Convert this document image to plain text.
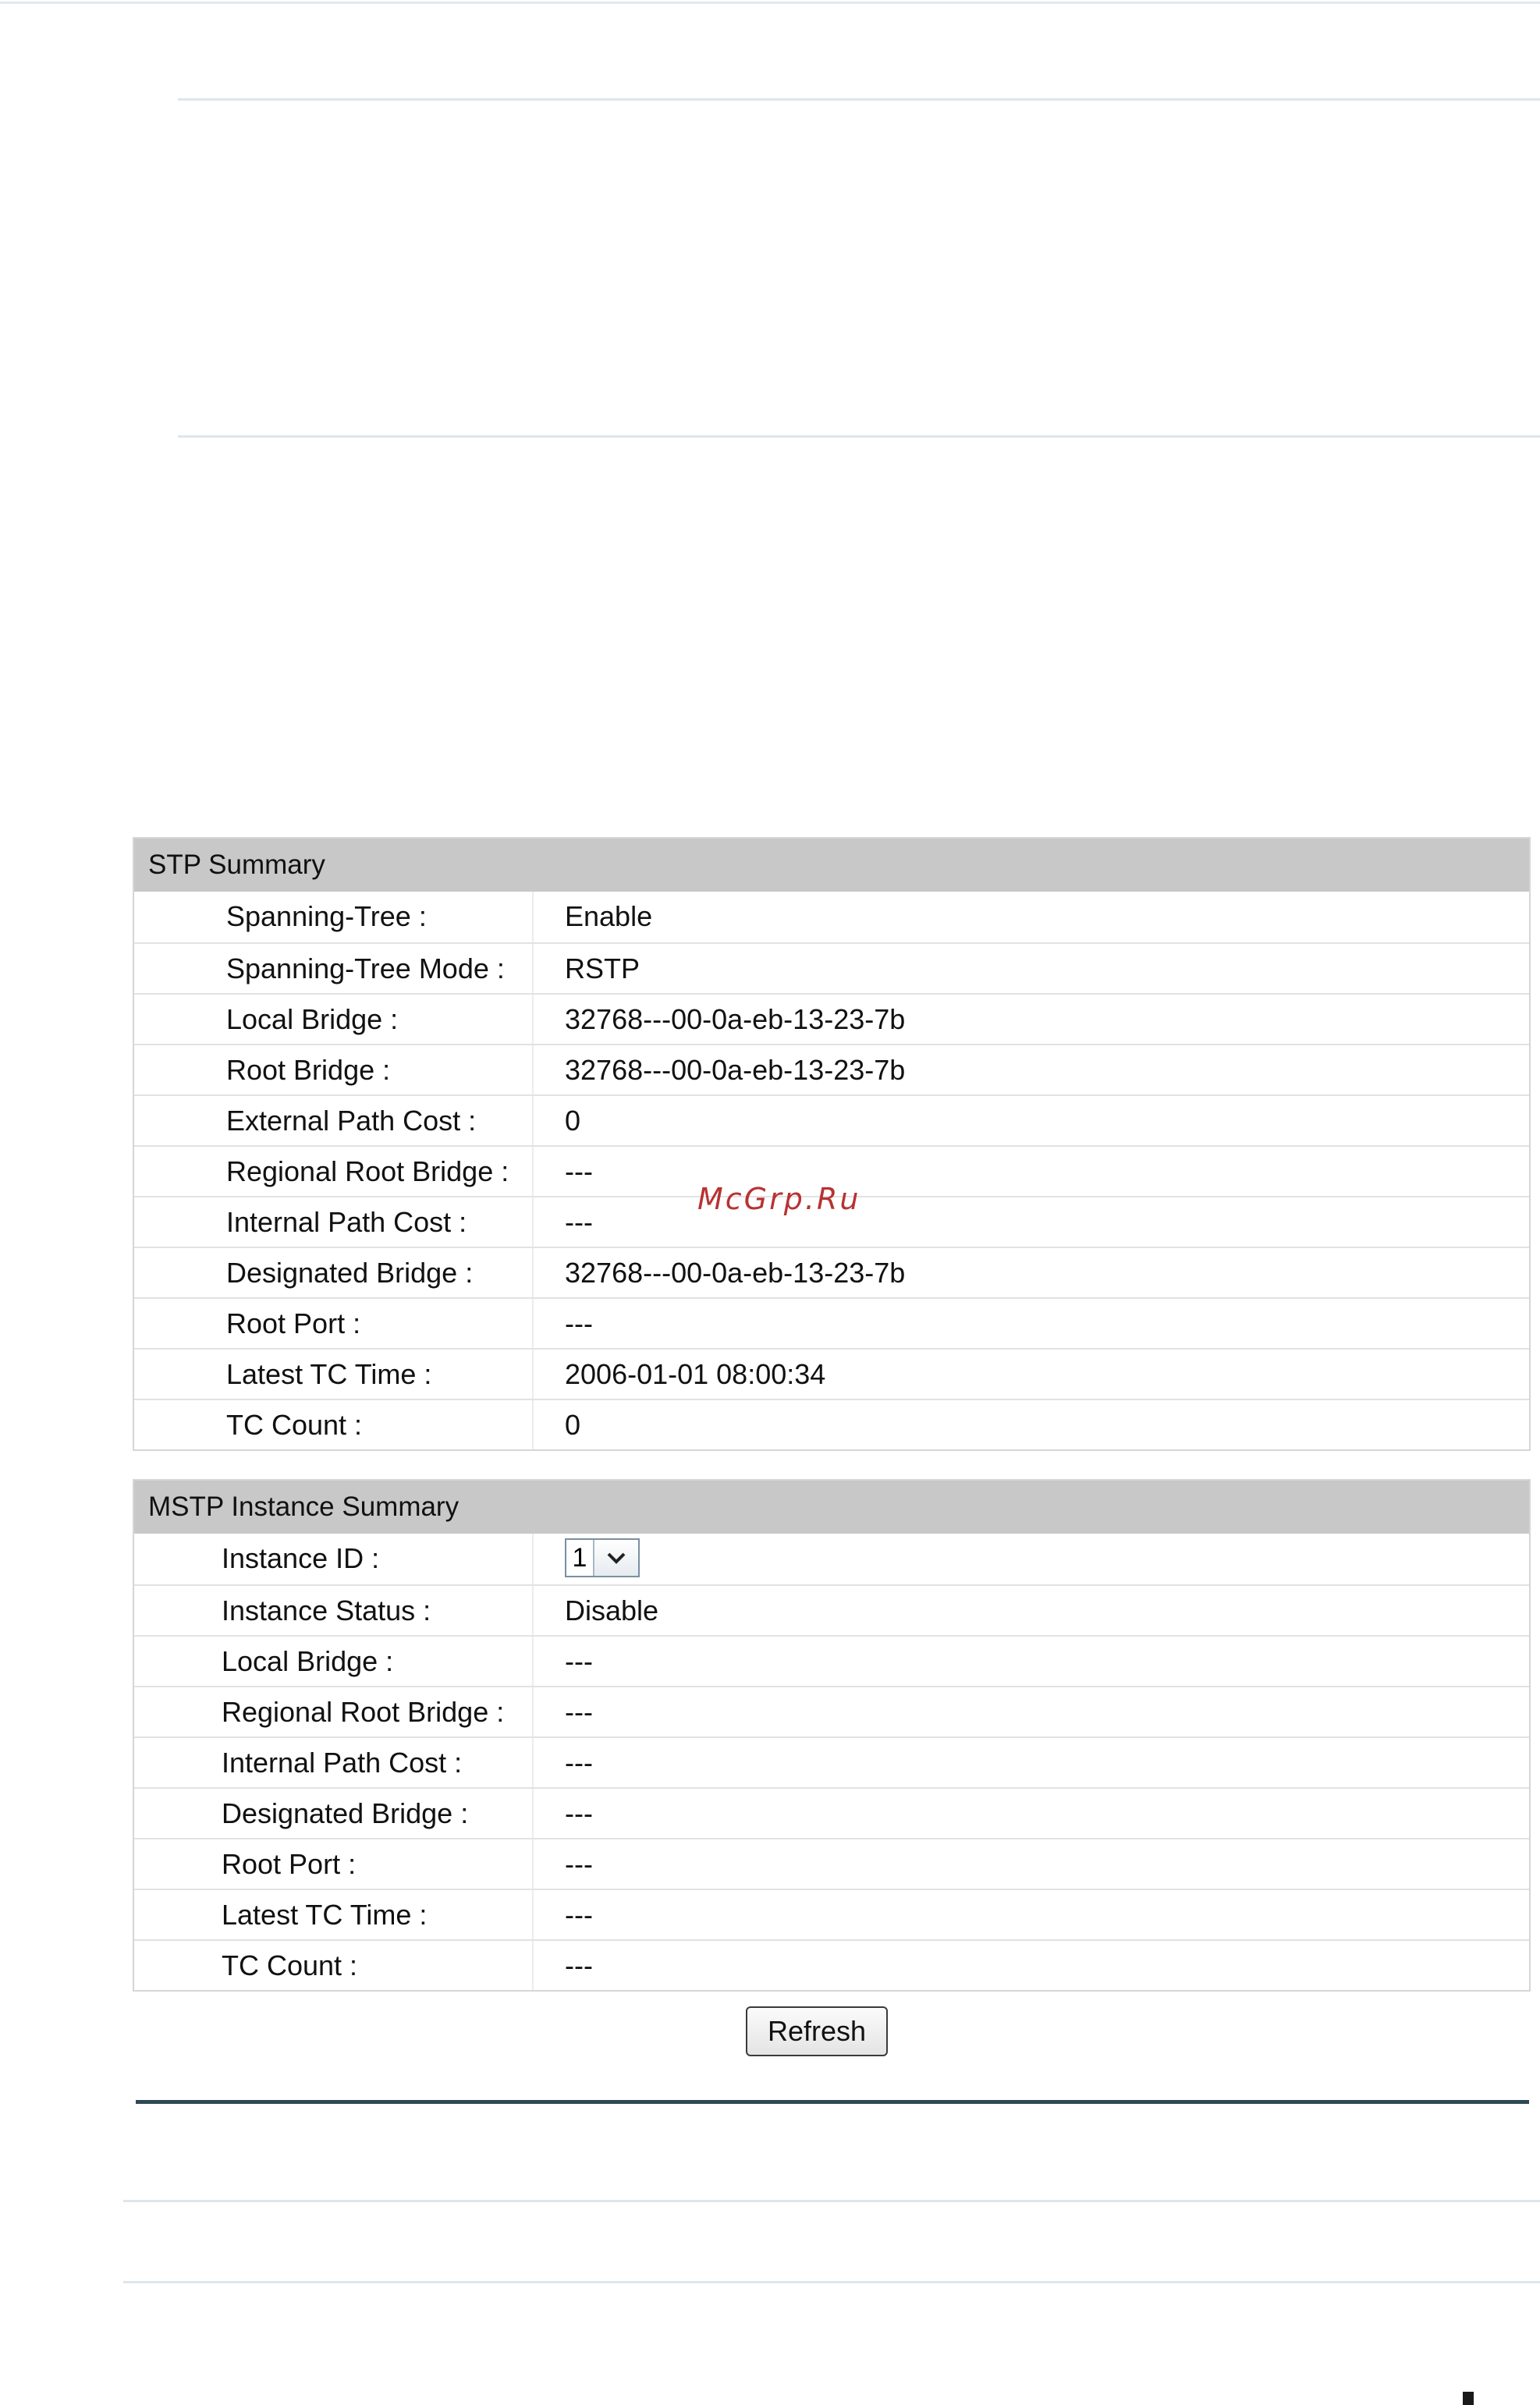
STP Summary
Spanning-Tree :	Enable
Spanning-Tree Mode : RSTP
Local Bridge :	32768---00-0a-eb-13-23-7b
Root Bridge :	32768---00-0a-eb-13-23-7b
External Path Cost :	0
Regional Root Bridge : ---
Internal Path Cost :	---
Designated Bridge :	32768---00-0a-eb-13-23-7b
Root Port :	---
Latest TC Time :	2006-01-01 08:00:34
TC Count :	0
McGrp.Ru
MSTP Instance Summary
Instance ID :	1
Instance Status :	Disable
Local Bridge :	---
Regional Root Bridge : ---
Internal Path Cost :	---
Designated Bridge :	---
Root Port :	---
Latest TC Time :	---
TC Count :	---
Refresh
